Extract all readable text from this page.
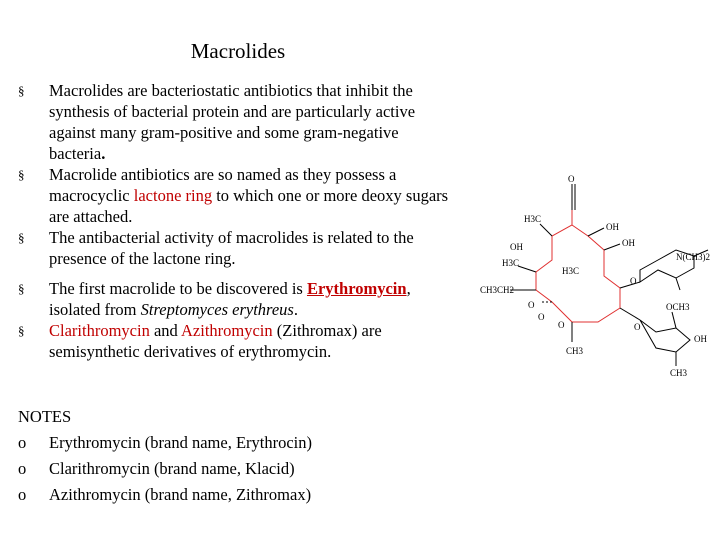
Macrolides
§ Macrolides are bacteriostatic antibiotics that inhibit the synthesis of bacterial protein and are particularly active against many gram-positive and some gram-negative bacteria.
§ Macrolide antibiotics are so named as they possess a macrocyclic lactone ring to which one or more deoxy sugars are attached.
§ The antibacterial activity of macrolides is related to the presence of the lactone ring.
§ The first macrolide to be discovered is Erythromycin, isolated from Streptomyces erythreus.
§ Clarithromycin and Azithromycin (Zithromax) are semisynthetic derivatives of erythromycin.
NOTES
o Erythromycin (brand name, Erythrocin)
o Clarithromycin (brand name, Klacid)
o Azithromycin (brand name, Zithromax)
O
H3C
OH
OH
H3C
OH
N(CH3)2
CH3CH2
H3C
O
O
O
O
CH3
OCH3
OH
CH3
O
